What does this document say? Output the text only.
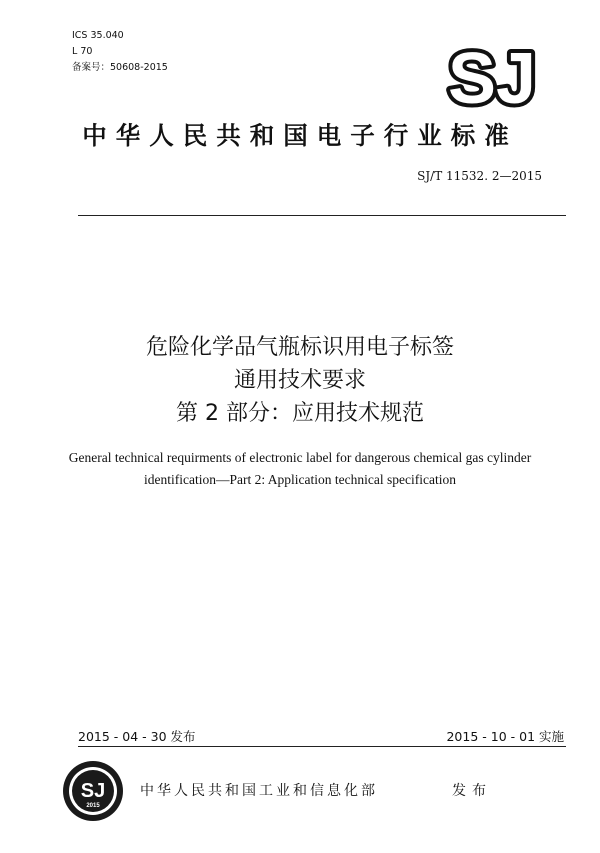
ICS 35.040
L 70
备案号：50608-2015	SJ
中华人民共和国电子行业标准
SJ/T 11532. 2—2015
危险化学品气瓶标识用电子标签
通用技术要求
第 2 部分：应用技术规范
General technical requirments of electronic label for dangerous chemical gas cylinder
identification—Part 2: Application technical specification
2015 - 04 - 30 发布	2015 - 10 - 01 实施
SJ
2015
中华人民共和国工业和信息化部	发布
